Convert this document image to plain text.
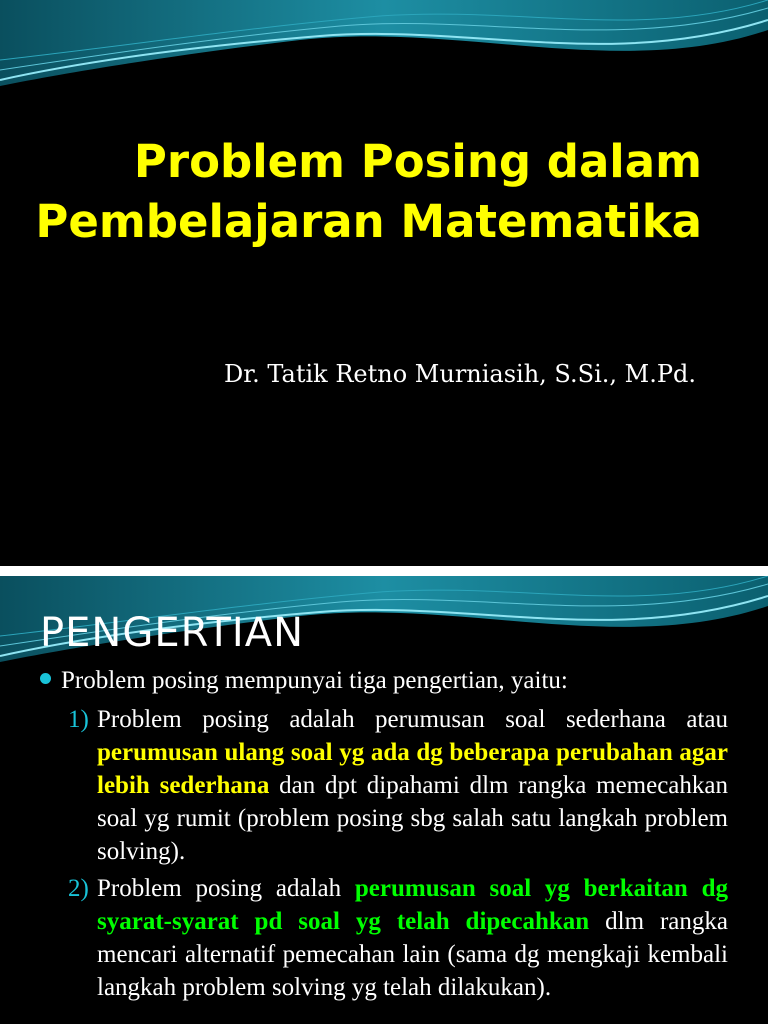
Problem Posing dalam
Pembelajaran Matematika
Dr. Tatik Retno Murniasih, S.Si., M.Pd.
PENGERTIAN
Problem posing mempunyai tiga pengertian, yaitu:
1) Problem posing adalah perumusan soal sederhana atau perumusan ulang soal yg ada dg beberapa perubahan agar lebih sederhana dan dpt dipahami dlm rangka memecahkan soal yg rumit (problem posing sbg salah satu langkah problem solving).
2) Problem posing adalah perumusan soal yg berkaitan dg syarat-syarat pd soal yg telah dipecahkan dlm rangka mencari alternatif pemecahan lain (sama dg mengkaji kembali langkah problem solving yg telah dilakukan).
